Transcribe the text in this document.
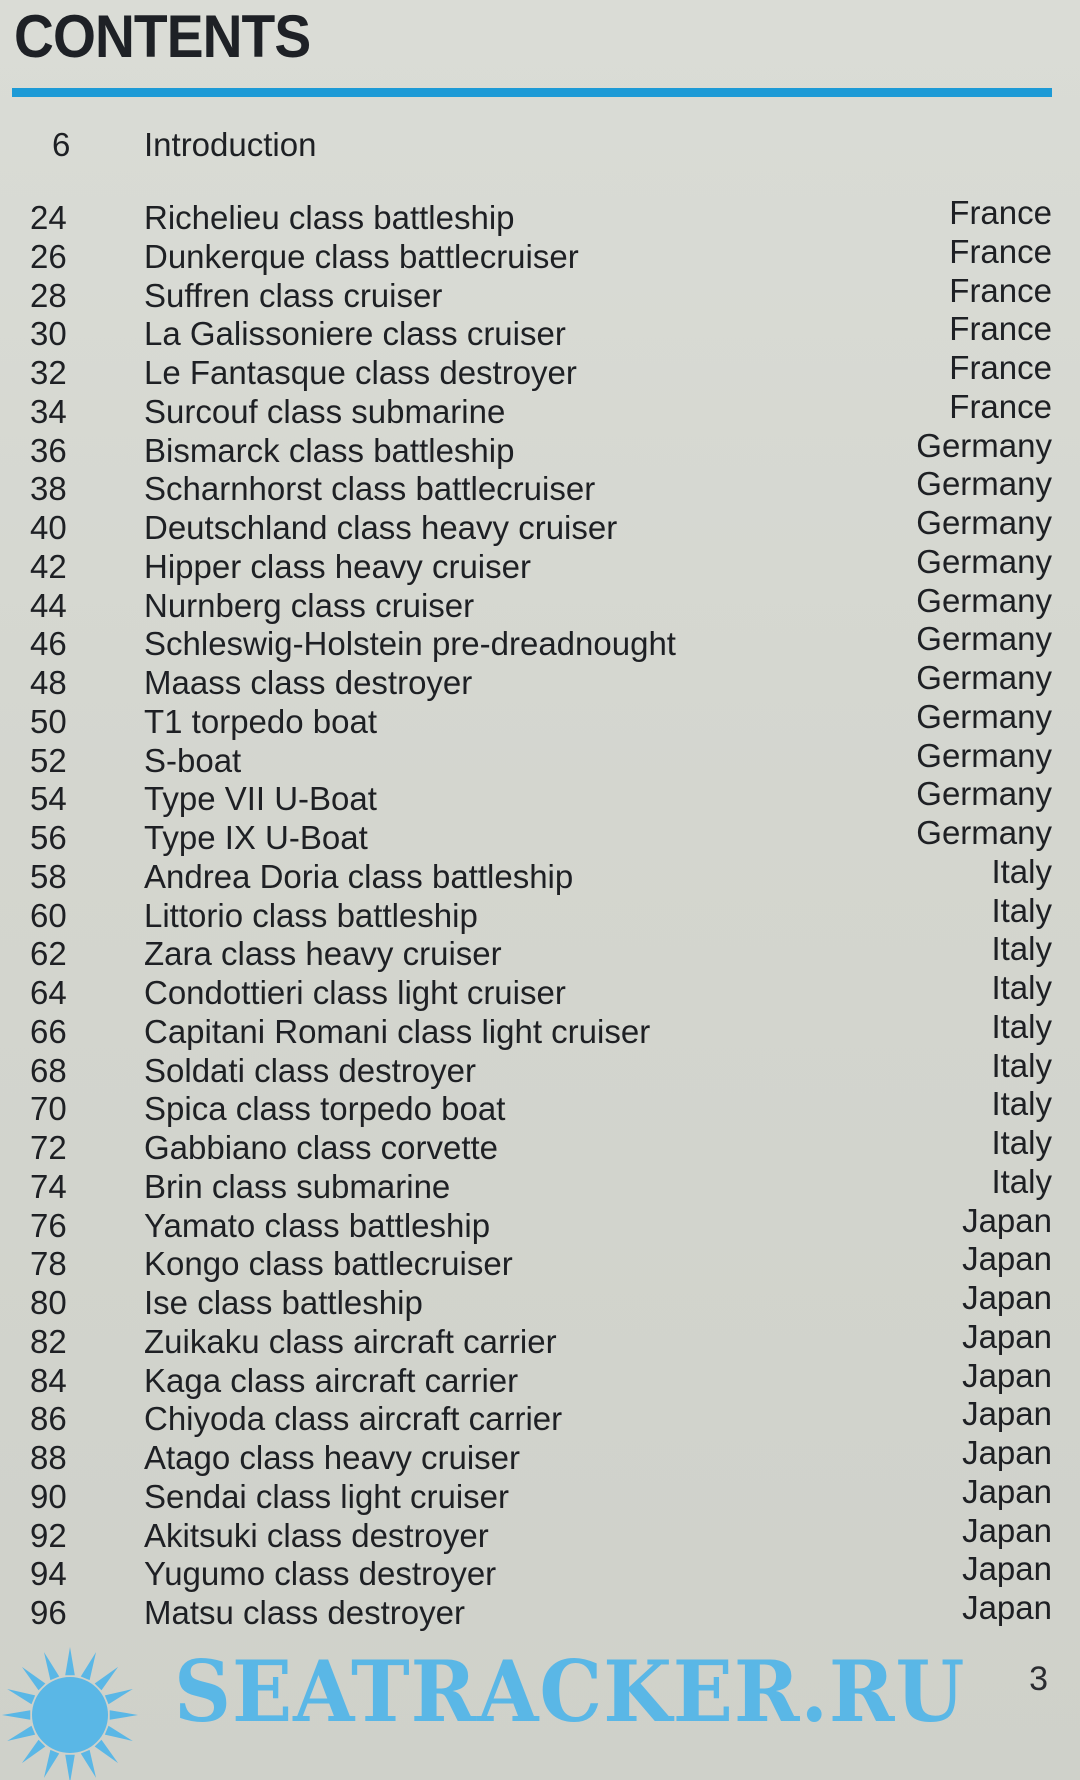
CONTENTS
6 Introduction
24 Richelieu class battleship	France
26 Dunkerque class battlecruiser	France
28 Suffren class cruiser	France
30 La Galissoniere class cruiser	France
32 Le Fantasque class destroyer	France
34 Surcouf class submarine	France
36 Bismarck class battleship	Germany
38 Scharnhorst class battlecruiser	Germany
40 Deutschland class heavy cruiser	Germany
42 Hipper class heavy cruiser	Germany
44 Nurnberg class cruiser	Germany
46 Schleswig-Holstein pre-dreadnought	Germany
48 Maass class destroyer	Germany
50 T1 torpedo boat	Germany
52 S-boat	Germany
54 Type VII U-Boat	Germany
56 Type IX U-Boat	Germany
58 Andrea Doria class battleship	Italy
60 Littorio class battleship	Italy
62 Zara class heavy cruiser	Italy
64 Condottieri class light cruiser	Italy
66 Capitani Romani class light cruiser	Italy
68 Soldati class destroyer	Italy
70 Spica class torpedo boat	Italy
72 Gabbiano class corvette	Italy
74 Brin class submarine	Italy
76 Yamato class battleship	Japan
78 Kongo class battlecruiser	Japan
80 Ise class battleship	Japan
82 Zuikaku class aircraft carrier	Japan
84 Kaga class aircraft carrier	Japan
86 Chiyoda class aircraft carrier	Japan
88 Atago class heavy cruiser	Japan
90 Sendai class light cruiser	Japan
92 Akitsuki class destroyer	Japan
94 Yugumo class destroyer	Japan
96 Matsu class destroyer	Japan
SEATRACKER.RU 3
